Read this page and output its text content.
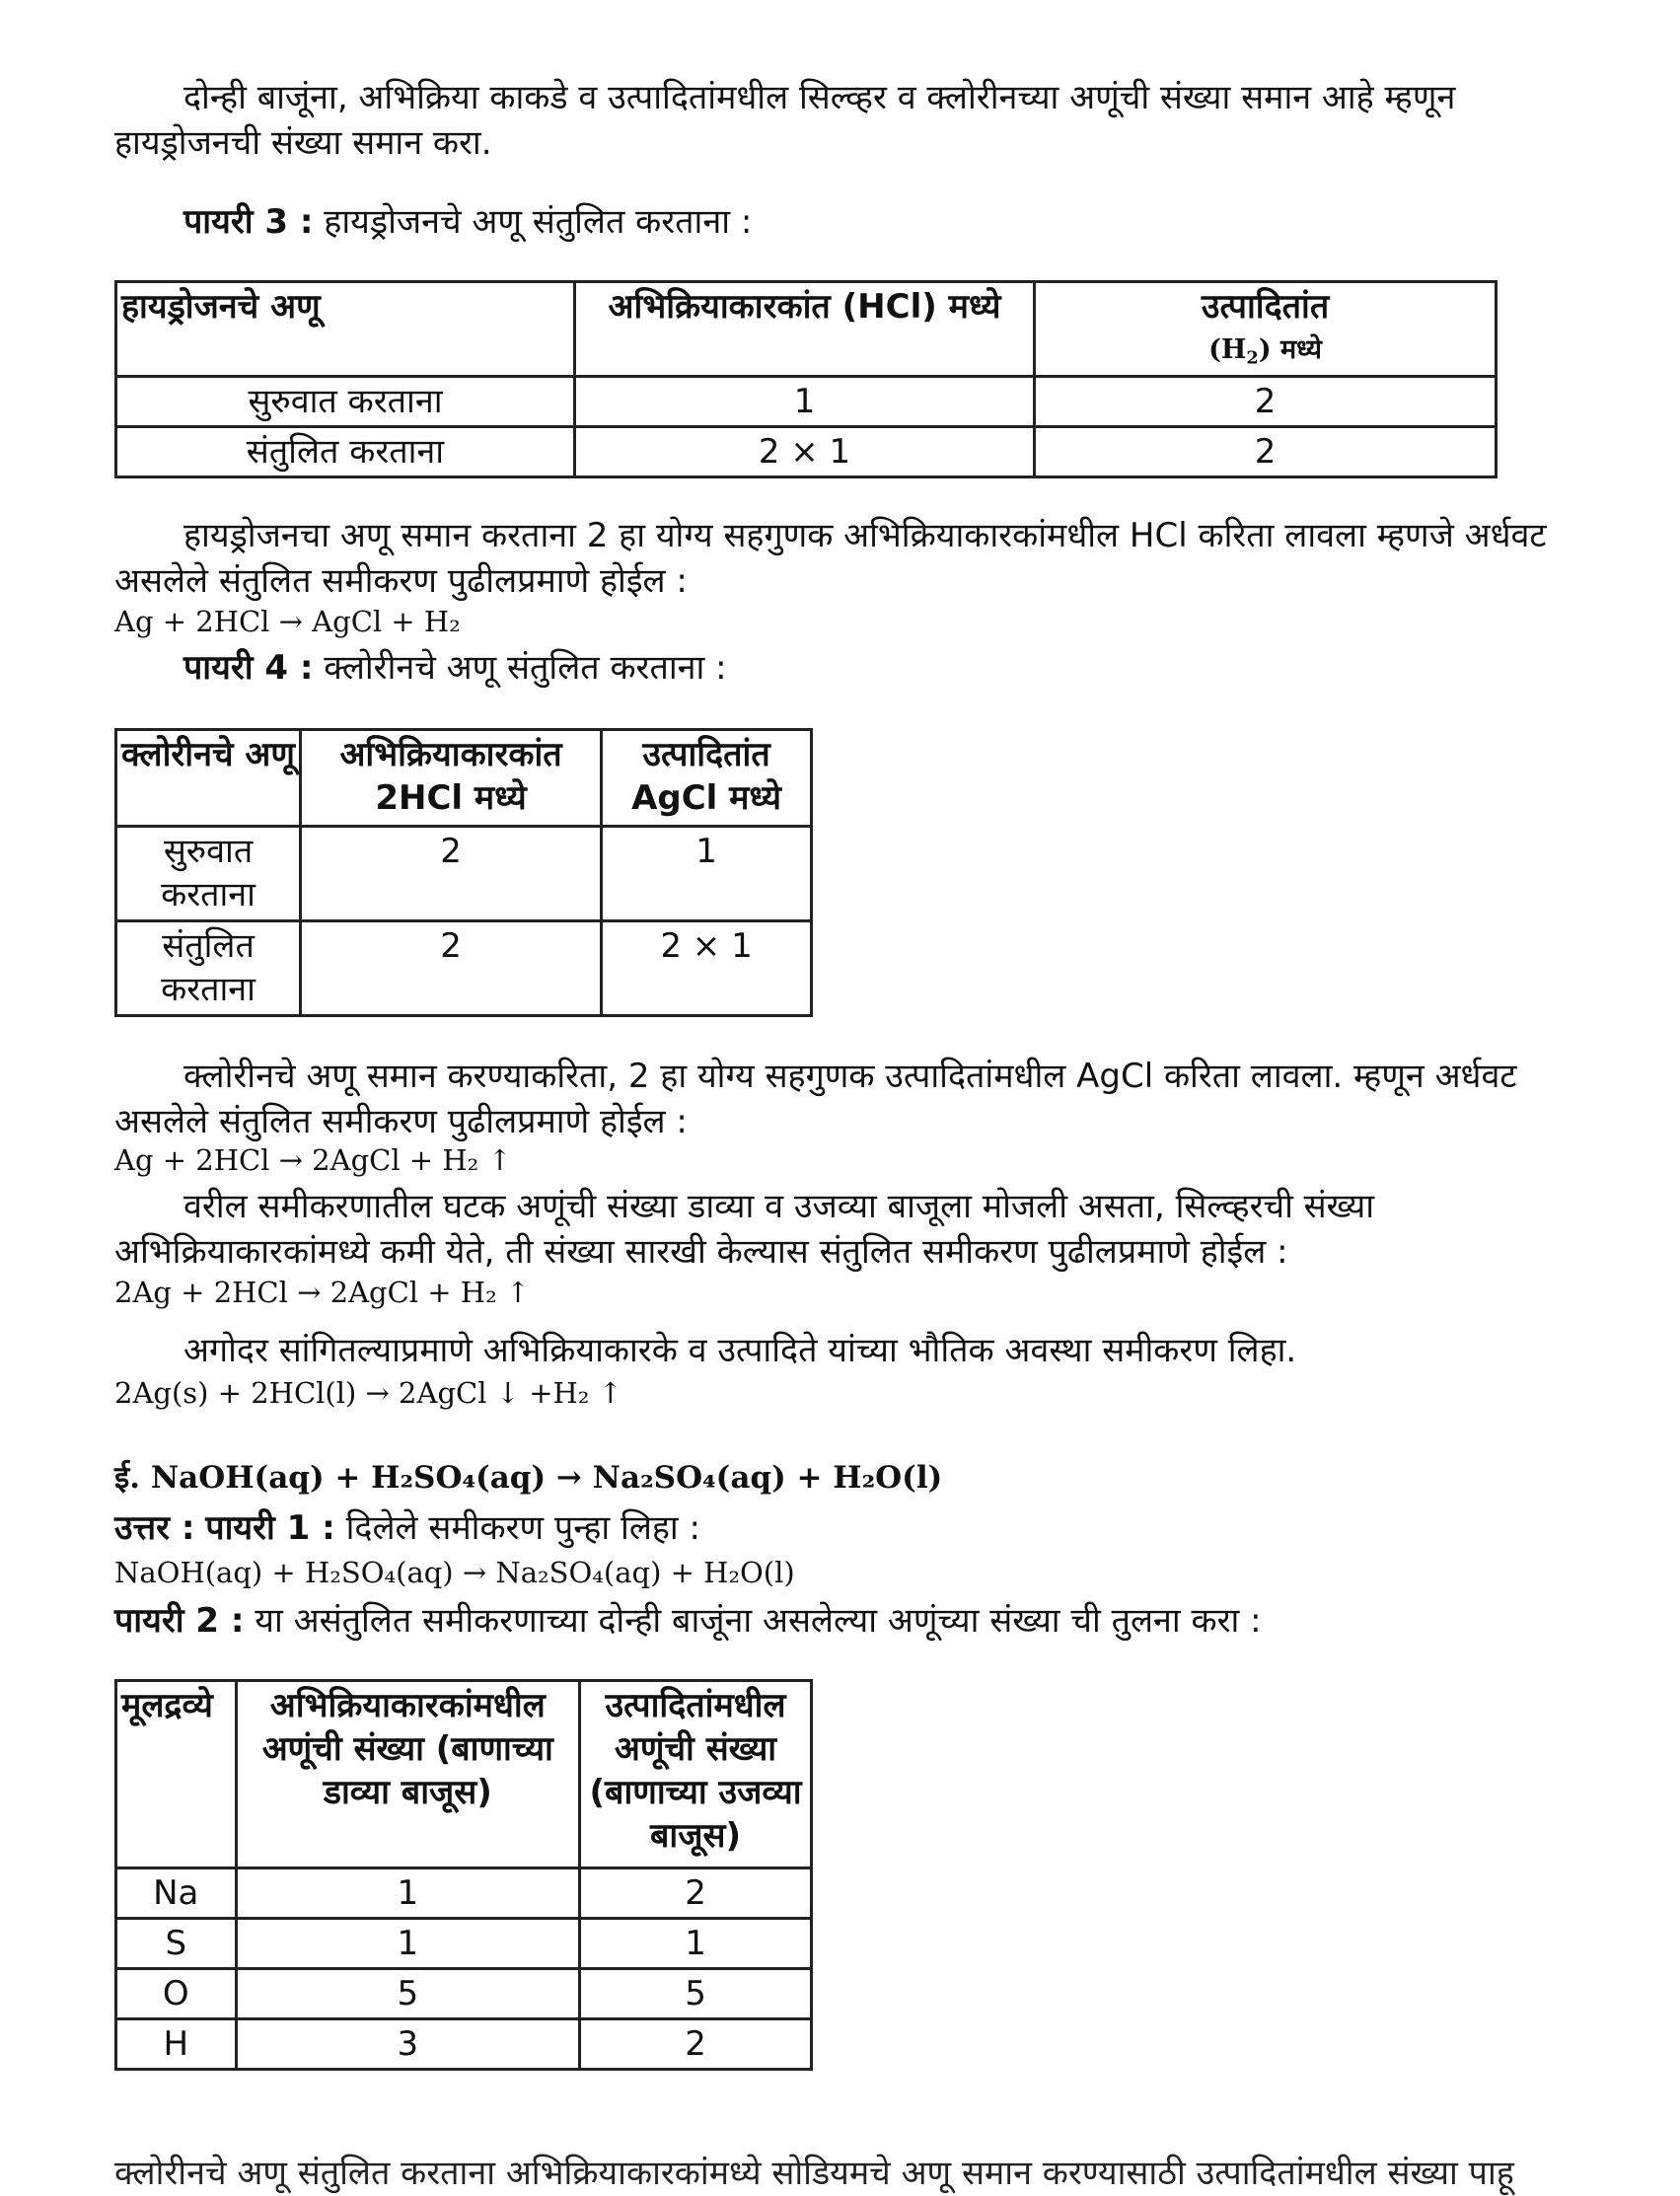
दोन्ही बाजूंना, अभिक्रिया काकडे व उत्पादितांमधील सिल्व्हर व क्लोरीनच्या अणूंची संख्या समान आहे म्हणून हायड्रोजनची संख्या समान करा.

पायरी 3 : हायड्रोजनचे अणू संतुलित करताना :
हायड्रोजनचे अणू	अभिक्रियाकारकांत (HCl) मध्ये	उत्पादितांत
$(H_2)$ मध्ये

सुरुवात करताना	1	2
संतुलित करताना	2 × 1	2

हायड्रोजनचा अणू समान करताना 2 हा योग्य सहगुणक अभिक्रियाकारकांमधील HCl करिता लावला म्हणजे अर्धवट असलेले संतुलित समीकरण पुढीलप्रमाणे होईल :

Ag + 2HCl → AgCl + H₂
पायरी 4 : क्लोरीनचे अणू संतुलित करताना :
क्लोरीनचे अणू	अभिक्रियाकारकांत 2HCl मध्ये	उत्पादितांत AgCl मध्ये
सुरुवात करताना	2	1
संतुलित करताना	2	2 × 1

क्लोरीनचे अणू समान करण्याकरिता, 2 हा योग्य सहगुणक उत्पादितांमधील AgCl करिता लावला. म्हणून अर्धवट असलेले संतुलित समीकरण पुढीलप्रमाणे होईल :

Ag + 2HCl → 2AgCl + H₂ ↑

वरील समीकरणातील घटक अणूंची संख्या डाव्या व उजव्या बाजूला मोजली असता, सिल्व्हरची संख्या अभिक्रियाकारकांमध्ये कमी येते, ती संख्या सारखी केल्यास संतुलित समीकरण पुढीलप्रमाणे होईल :

2Ag + 2HCl → 2AgCl + H₂ ↑

अगोदर सांगितल्याप्रमाणे अभिक्रियाकारके व उत्पादिते यांच्या भौतिक अवस्था समीकरण लिहा.

2Ag(s) + 2HCl(l) → 2AgCl ↓ +H₂ ↑
ई. NaOH(aq) + H₂SO₄(aq) → Na₂SO₄(aq) + H₂O(l)
उत्तर : पायरी 1 : दिलेले समीकरण पुन्हा लिहा :
NaOH(aq) + H₂SO₄(aq) → Na₂SO₄(aq) + H₂O(l)
पायरी 2 : या असंतुलित समीकरणाच्या दोन्ही बाजूंना असलेल्या अणूंच्या संख्या ची तुलना करा :
मूलद्रव्ये	अभिक्रियाकारकांमधील अणूंची संख्या (बाणाच्या डाव्या बाजूस)	उत्पादितांमधील अणूंची संख्या (बाणाच्या उजव्या बाजूस)
Na	1	2
S	1	1
O	5	5
H	3	2
क्लोरीनचे अणू संतुलित करताना अभिक्रियाकारकांमध्ये सोडियमचे अणू समान करण्यासाठी उत्पादितांमधील संख्या पाहू
